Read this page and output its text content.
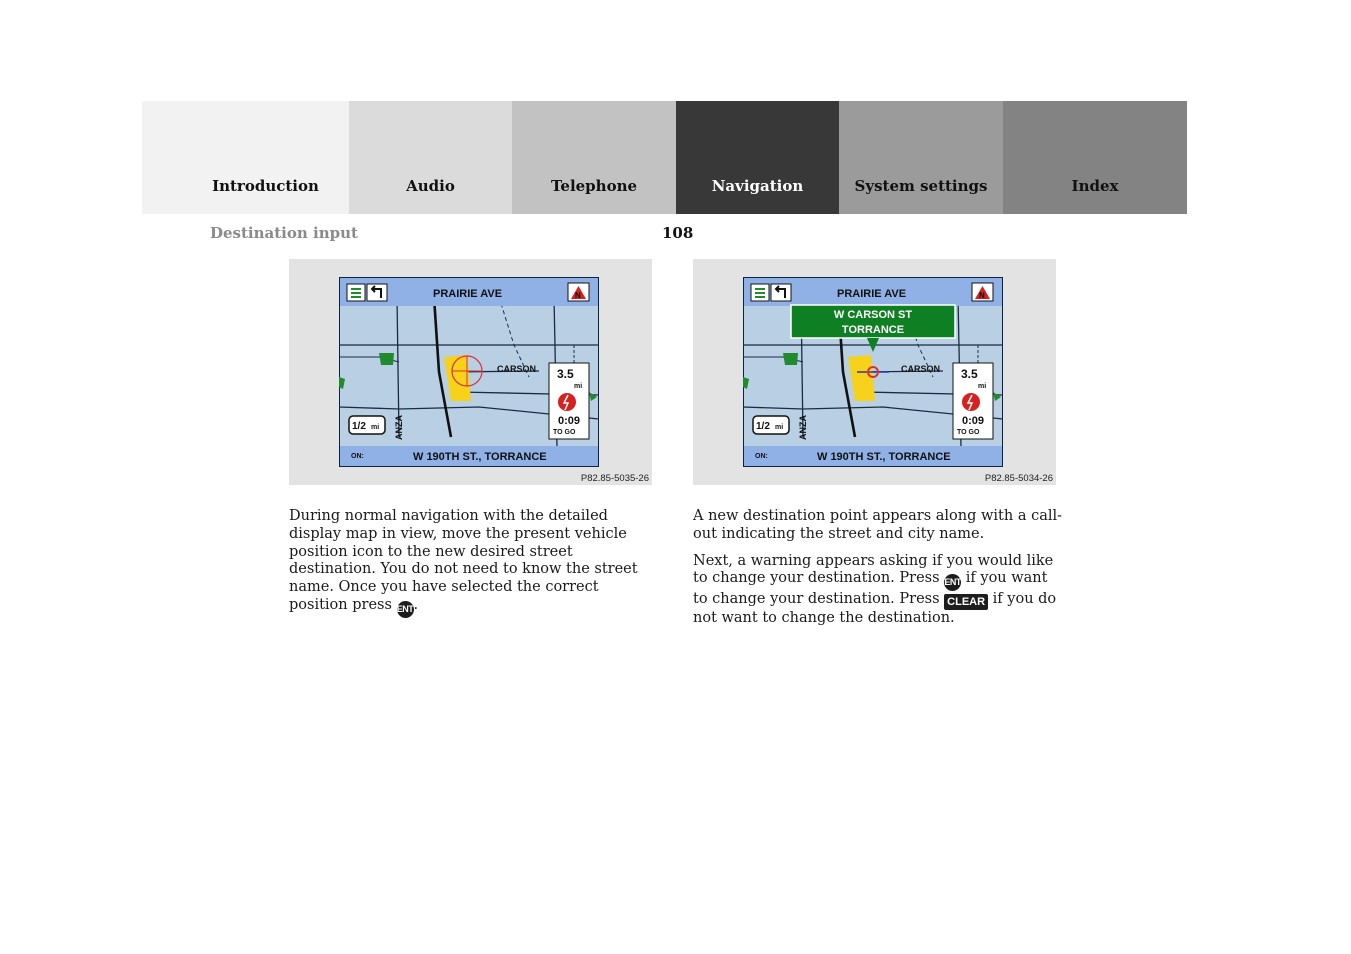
Introduction	Audio	Telephone	Navigation	System settings	Index
Destination input	108
CARSON
ANZA
PRAIRIE AVE	N
3.5
mi
0:09
TO GO
1/2 mi
ON:	W 190TH ST., TORRANCE
P82.85-5035-26
CARSON
ANZA
PRAIRIE AVE	N
W CARSON ST
TORRANCE
3.5
mi
0:09
TO GO
1/2 mi
ON:	W 190TH ST., TORRANCE
P82.85-5034-26

During normal navigation with the detailed display map in view, move the present vehicle position icon to the new desired street destination. You do not need to know the street name. Once you have selected the correct position press ENT.

A new destination point appears along with a call-out indicating the street and city name.

Next, a warning appears asking if you would like to change your destination. Press ENT if you want to change your destination. Press CLEAR if you do not want to change the destination.
